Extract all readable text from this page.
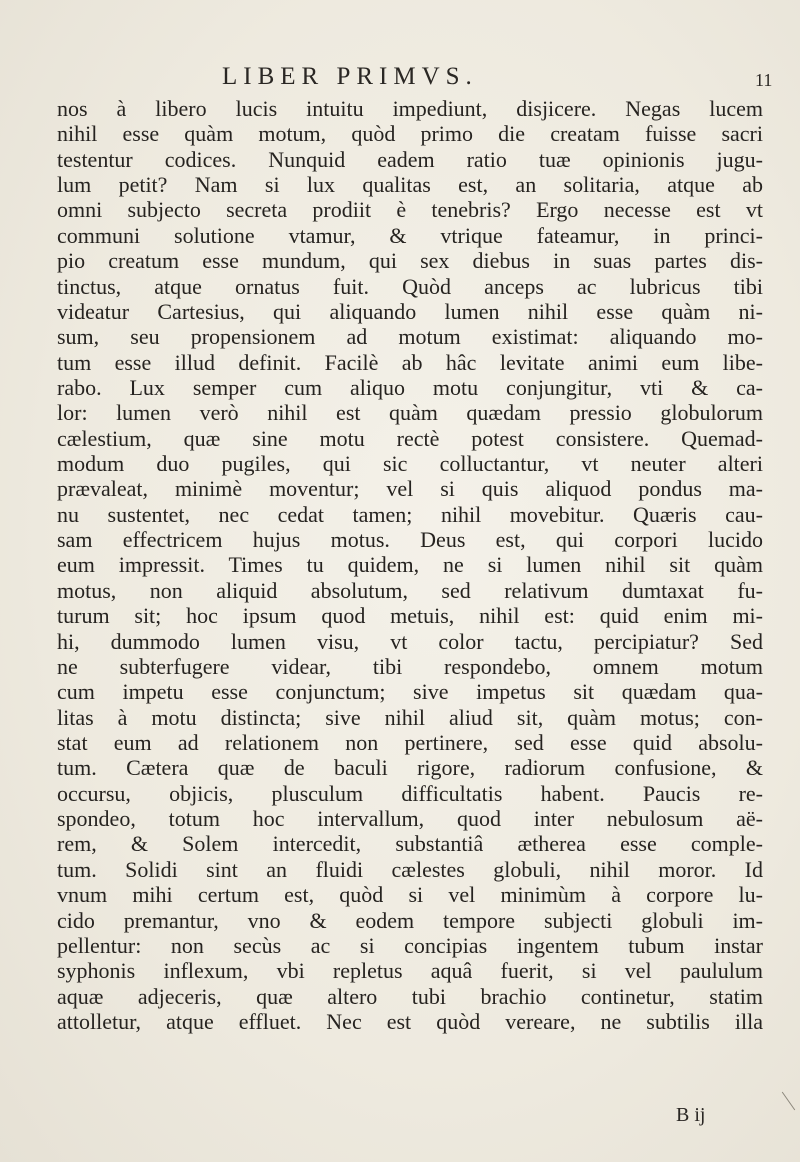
LIBER PRIMVS.	11
nos à libero lucis intuitu impediunt, disjicere. Negas lucem
nihil esse quàm motum, quòd primo die creatam fuisse sacri
testentur codices. Nunquid eadem ratio tuæ opinionis jugu-
lum petit? Nam si lux qualitas est, an solitaria, atque ab
omni subjecto secreta prodiit è tenebris? Ergo necesse est vt
communi solutione vtamur, & vtrique fateamur, in princi-
pio creatum esse mundum, qui sex diebus in suas partes dis-
tinctus, atque ornatus fuit. Quòd anceps ac lubricus tibi
videatur Cartesius, qui aliquando lumen nihil esse quàm ni-
sum, seu propensionem ad motum existimat: aliquando mo-
tum esse illud definit. Facilè ab hâc levitate animi eum libe-
rabo. Lux semper cum aliquo motu conjungitur, vti & ca-
lor: lumen verò nihil est quàm quædam pressio globulorum
cælestium, quæ sine motu rectè potest consistere. Quemad-
modum duo pugiles, qui sic colluctantur, vt neuter alteri
prævaleat, minimè moventur; vel si quis aliquod pondus ma-
nu sustentet, nec cedat tamen; nihil movebitur. Quæris cau-
sam effectricem hujus motus. Deus est, qui corpori lucido
eum impressit. Times tu quidem, ne si lumen nihil sit quàm
motus, non aliquid absolutum, sed relativum dumtaxat fu-
turum sit; hoc ipsum quod metuis, nihil est: quid enim mi-
hi, dummodo lumen visu, vt color tactu, percipiatur? Sed
ne subterfugere videar, tibi respondebo, omnem motum
cum impetu esse conjunctum; sive impetus sit quædam qua-
litas à motu distincta; sive nihil aliud sit, quàm motus; con-
stat eum ad relationem non pertinere, sed esse quid absolu-
tum. Cætera quæ de baculi rigore, radiorum confusione, &
occursu, objicis, plusculum difficultatis habent. Paucis re-
spondeo, totum hoc intervallum, quod inter nebulosum aë-
rem, & Solem intercedit, substantiâ ætherea esse comple-
tum. Solidi sint an fluidi cælestes globuli, nihil moror. Id
vnum mihi certum est, quòd si vel minimùm à corpore lu-
cido premantur, vno & eodem tempore subjecti globuli im-
pellentur: non secùs ac si concipias ingentem tubum instar
syphonis inflexum, vbi repletus aquâ fuerit, si vel paululum
aquæ adjeceris, quæ altero tubi brachio continetur, statim
attolletur, atque effluet. Nec est quòd vereare, ne subtilis illa
B ij
